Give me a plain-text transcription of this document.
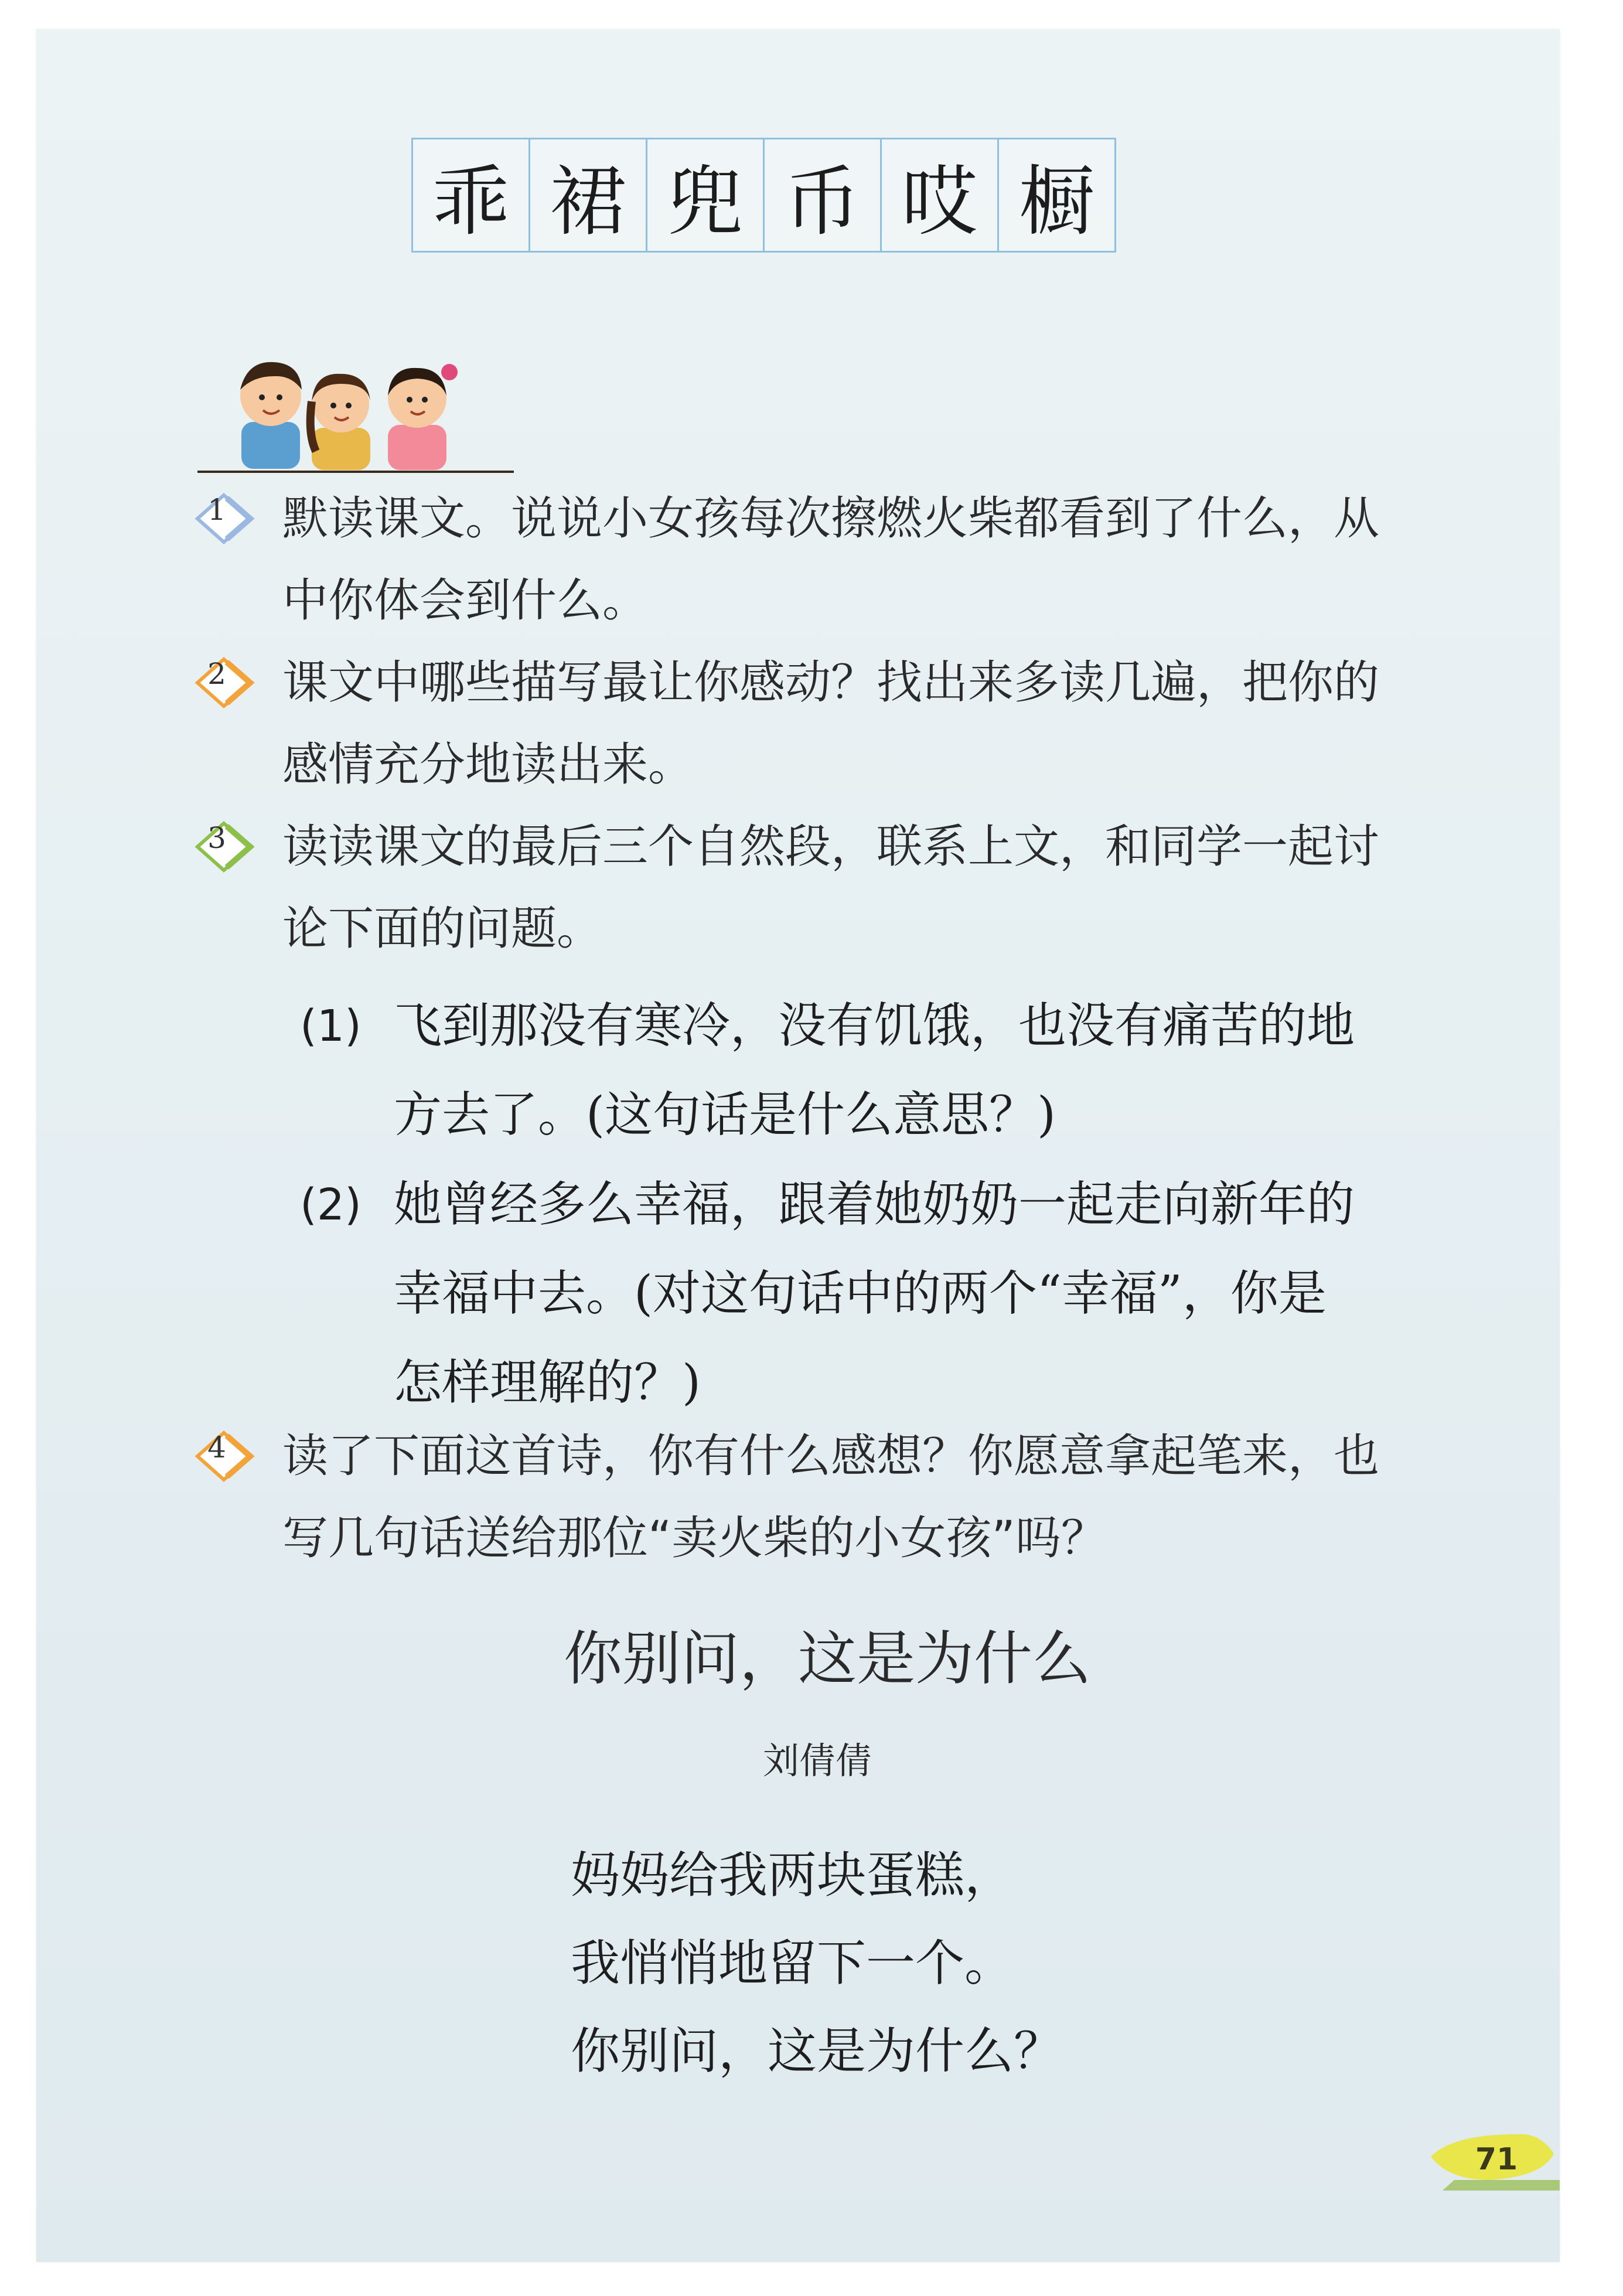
乖 裙 兜 币 哎 橱
1 默读课文。说说小女孩每次擦燃火柴都看到了什么，从
中你体会到什么。
2 课文中哪些描写最让你感动？找出来多读几遍，把你的
感情充分地读出来。
3 读读课文的最后三个自然段，联系上文，和同学一起讨
论下面的问题。
(1) 飞到那没有寒冷，没有饥饿，也没有痛苦的地
方去了。(这句话是什么意思？)
(2) 她曾经多么幸福，跟着她奶奶一起走向新年的
幸福中去。(对这句话中的两个“幸福”，你是
怎样理解的？)
4 读了下面这首诗，你有什么感想？你愿意拿起笔来，也
写几句话送给那位“卖火柴的小女孩”吗？
你别问，这是为什么
刘倩倩
妈妈给我两块蛋糕，
我悄悄地留下一个。
你别问，这是为什么？
71
